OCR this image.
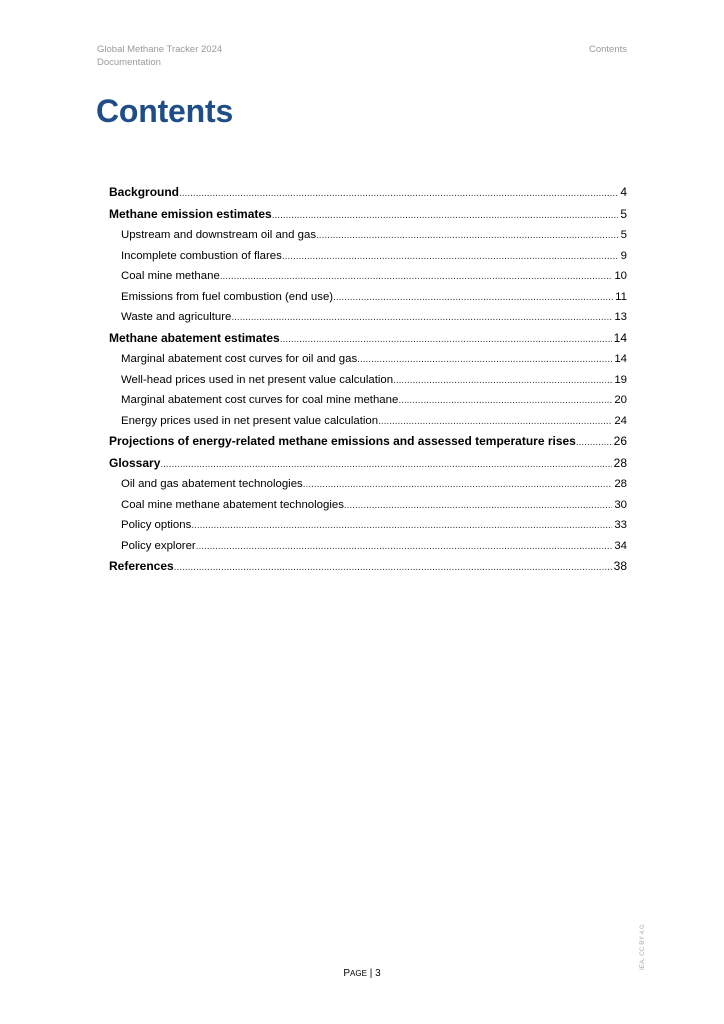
Global Methane Tracker 2024
Documentation
Contents
Contents
Background .....	4
Methane emission estimates .....	5
Upstream and downstream oil and gas .....	5
Incomplete combustion of flares .....	9
Coal mine methane .....	10
Emissions from fuel combustion (end use) .....	11
Waste and agriculture .....	13
Methane abatement estimates .....	14
Marginal abatement cost curves for oil and gas .....	14
Well-head prices used in net present value calculation .....	19
Marginal abatement cost curves for coal mine methane .....	20
Energy prices used in net present value calculation .....	24
Projections of energy-related methane emissions and assessed temperature rises .....	26
Glossary .....	28
Oil and gas abatement technologies .....	28
Coal mine methane abatement technologies .....	30
Policy options .....	33
Policy explorer .....	34
References .....	38
PAGE | 3
IEA. CC BY 4.0.
